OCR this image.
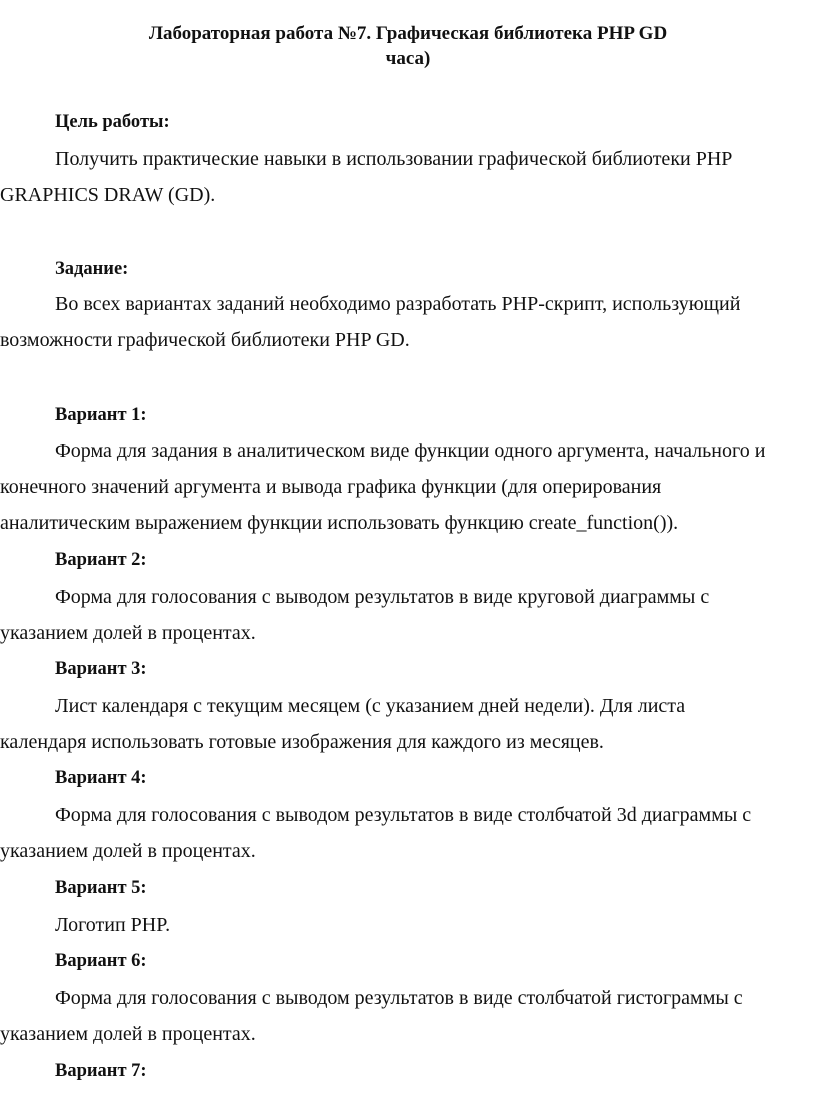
Лабораторная работа №7. Графическая библиотека PHP GD

часа)

Цель работы:

Получить практические навыки в использовании графической библиотеки PHP

GRAPHICS DRAW (GD).

Задание:

Во всех вариантах заданий необходимо разработать PHP-скрипт, использующий

возможности графической библиотеки PHP GD.

Вариант 1:

Форма для задания в аналитическом виде функции одного аргумента, начального и

конечного значений аргумента и вывода графика функции (для оперирования

аналитическим выражением функции использовать функцию create_function()).

Вариант 2:

Форма для голосования с выводом результатов в виде круговой диаграммы с

указанием долей в процентах.

Вариант 3:

Лист календаря с текущим месяцем (с указанием дней недели). Для листа

календаря использовать готовые изображения для каждого из месяцев.

Вариант 4:

Форма для голосования с выводом результатов в виде столбчатой 3d диаграммы с

указанием долей в процентах.

Вариант 5:

Логотип PHP.

Вариант 6:

Форма для голосования с выводом результатов в виде столбчатой гистограммы с

указанием долей в процентах.

Вариант 7:
